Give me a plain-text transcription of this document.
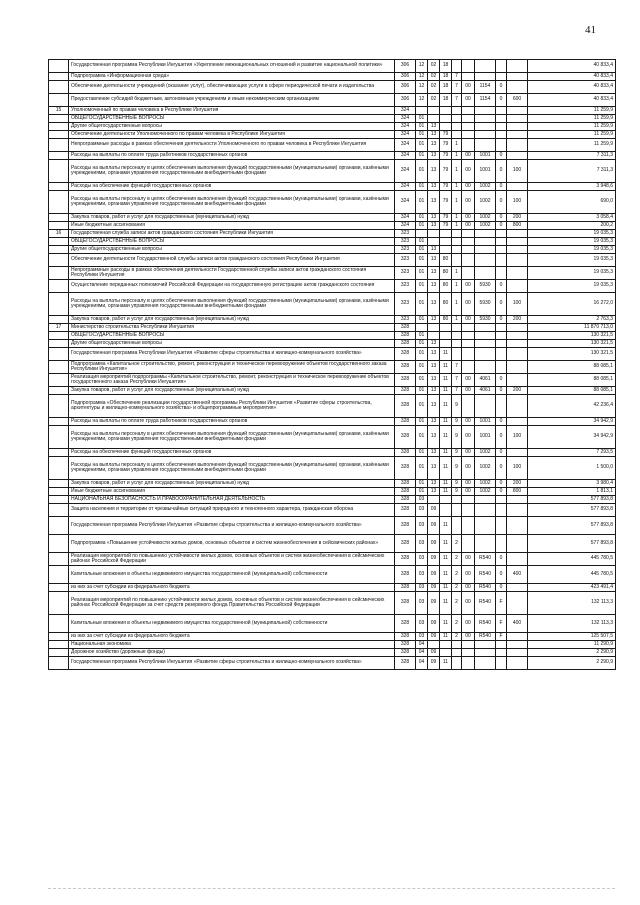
41
	Государственная программа Республики Ингушетия «Укрепление межнациональных отношений и развитие национальной политики»	306	12	02	18						40 833,4
	Подпрограмма «Информационная среда»	306	12	02	18	7					40 833,4
	Обеспечение деятельности учреждений (оказание услуг), обеспечивающих услуги в сфере периодической печати и издательства	306	12	02	18	7	00	1154	0		40 833,4
	Предоставление субсидий бюджетным, автономным учреждениям и иным некоммерческим организациям	306	12	02	18	7	00	1154	0	600	40 833,4
15	Уполномоченный по правам человека в Республике Ингушетия	324									11 259,9
	ОБЩЕГОСУДАРСТВЕННЫЕ ВОПРОСЫ	324	01								11 259,9
	Другие общегосударственные вопросы	324	01	13							11 259,9
	Обеспечение деятельности Уполномоченного по правам человека в Республике Ингушетия	324	01	13	79						11 259,9
	Непрограммные расходы в рамках обеспечения деятельности Уполномоченного по правам человека в Республике Ингушетия	324	01	13	79	1					11 259,9
	Расходы на выплаты по оплате труда работников государственных органов	324	01	13	79	1	00	1001	0		7 311,3
	Расходы на выплаты персоналу в целях обеспечения выполнения функций государственными (муниципальными) органами, казёнными учреждениями, органами управления государственными внебюджетными фондами	324	01	13	79	1	00	1001	0	100	7 311,3
	Расходы на обеспечение функций государственных органов	324	01	13	79	1	00	1002	0		3 948,6
	Расходы на выплаты персоналу в целях обеспечения выполнения функций государственными (муниципальными) органами, казёнными учреждениями, органами управления государственными внебюджетными фондами	324	01	13	79	1	00	1002	0	100	690,0
	Закупка товаров, работ и услуг для государственных (муниципальных) нужд	324	01	13	79	1	00	1002	0	200	3 058,4
	Иные бюджетные ассигнования	324	01	13	79	1	00	1002	0	800	200,2
16	Государственная служба записи актов гражданского состояния Республики Ингушетия	323									19 035,3
	ОБЩЕГОСУДАРСТВЕННЫЕ ВОПРОСЫ	323	01								19 035,3
	Другие общегосударственные вопросы	323	01	13							19 035,3
	Обеспечение деятельности Государственной службы записи актов гражданского состояния Республики Ингушетия	323	01	13	80						19 035,3
	Непрограммные расходы в рамках обеспечения деятельности Государственной службы записи актов гражданского состояния Республики Ингушетия	323	01	13	80	1					19 035,3
	Осуществление переданных полномочий Российской Федерации на государственную регистрацию актов гражданского состояния	323	01	13	80	1	00	5930	0		19 035,3
	Расходы на выплаты персоналу в целях обеспечения выполнения функций государственными (муниципальными) органами, казёнными учреждениями, органами управления государственными внебюджетными фондами	323	01	13	80	1	00	5930	0	100	16 272,0
	Закупка товаров, работ и услуг для государственных (муниципальных) нужд	323	01	13	80	1	00	5930	0	200	2 763,3
17	Министерство строительства Республики Ингушетия	328									11 870 713,0
	ОБЩЕГОСУДАРСТВЕННЫЕ ВОПРОСЫ	328	01								130 321,5
	Другие общегосударственные вопросы	328	01	13							130 321,5
	Государственная программа Республики Ингушетия «Развитие сферы строительства и жилищно-коммунального хозяйства»	328	01	13	11						130 321,5
	Подпрограмма «Капитальное строительство, ремонт, реконструкция и техническое перевооружение объектов государственного заказа Республики Ингушетия»	328	01	13	11	7					88 085,1
	Реализация мероприятий подпрограммы «Капитальное строительство, ремонт, реконструкция и техническое перевооружение объектов государственного заказа Республики Ингушетия»	328	01	13	11	7	00	4061	0		88 085,1
	Закупка товаров, работ и услуг для государственных (муниципальных) нужд	328	01	13	11	7	00	4061	0	200	88 085,1
	Подпрограмма «Обеспечение реализации государственной программы Республики Ингушетия «Развитие сферы строительства, архитектуры и жилищно-коммунального хозяйства» и общепрограммные мероприятия»	328	01	13	11	9					42 236,4
	Расходы на выплаты по оплате труда работников государственных органов	328	01	13	11	9	00	1001	0		34 942,9
	Расходы на выплаты персоналу в целях обеспечения выполнения функций государственными (муниципальными) органами, казёнными учреждениями, органами управления государственными внебюджетными фондами	328	01	13	11	9	00	1001	0	100	34 942,9
	Расходы на обеспечение функций государственных органов	328	01	13	11	9	00	1002	0		7 293,5
	Расходы на выплаты персоналу в целях обеспечения выполнения функций государственными (муниципальными) органами, казёнными учреждениями, органами управления государственными внебюджетными фондами	328	01	13	11	9	00	1002	0	100	1 500,0
	Закупка товаров, работ и услуг для государственных (муниципальных) нужд	328	01	13	11	9	00	1002	0	200	3 980,4
	Иные бюджетные ассигнования	328	01	13	11	9	00	1002	0	800	1 813,1
	НАЦИОНАЛЬНАЯ БЕЗОПАСНОСТЬ И ПРАВООХРАНИТЕЛЬНАЯ ДЕЯТЕЛЬНОСТЬ	328	03								577 893,8
	Защита населения и территории от чрезвычайных ситуаций природного и техногенного характера, гражданская оборона	328	03	09							577 893,8
	Государственная программа Республики Ингушетия «Развитие сферы строительства и жилищно-коммунального хозяйства»	328	03	09	11						577 893,8
	Подпрограмма «Повышение устойчивости жилых домов, основных объектов и систем жизнеобеспечения в сейсмических районах»	328	03	09	11	2					577 893,8
	Реализация мероприятий по повышению устойчивости жилых домов, основных объектов и систем жизнеобеспечения в сейсмических районах Российской Федерации	328	03	09	11	2	00	R540	0		445 780,5
	Капитальные вложения в объекты недвижимого имущества государственной (муниципальной) собственности	328	03	09	11	2	00	R540	0	400	445 780,5
	из них за счет субсидии из федерального бюджета	328	03	09	11	2	00	R540	0		423 491,4
	Реализация мероприятий по повышению устойчивости жилых домов, основных объектов и систем жизнеобеспечения в сейсмических районах Российской Федерации за счет средств резервного фонда Правительства Российской Федерации	328	03	09	11	2	00	R540	F		132 113,3
	Капитальные вложения в объекты недвижимого имущества государственной (муниципальной) собственности	328	03	09	11	2	00	R540	F	400	132 113,3
	из них за счет субсидии из федерального бюджета	328	03	09	11	2	00	R540	F		125 507,5
	Национальная экономика	328	04								11 290,9
	Дорожное хозяйство (дорожные фонды)	328	04	09							2 290,9
	Государственная программа Республики Ингушетия «Развитие сферы строительства и жилищно-коммунального хозяйства»	328	04	09	11						2 290,9
